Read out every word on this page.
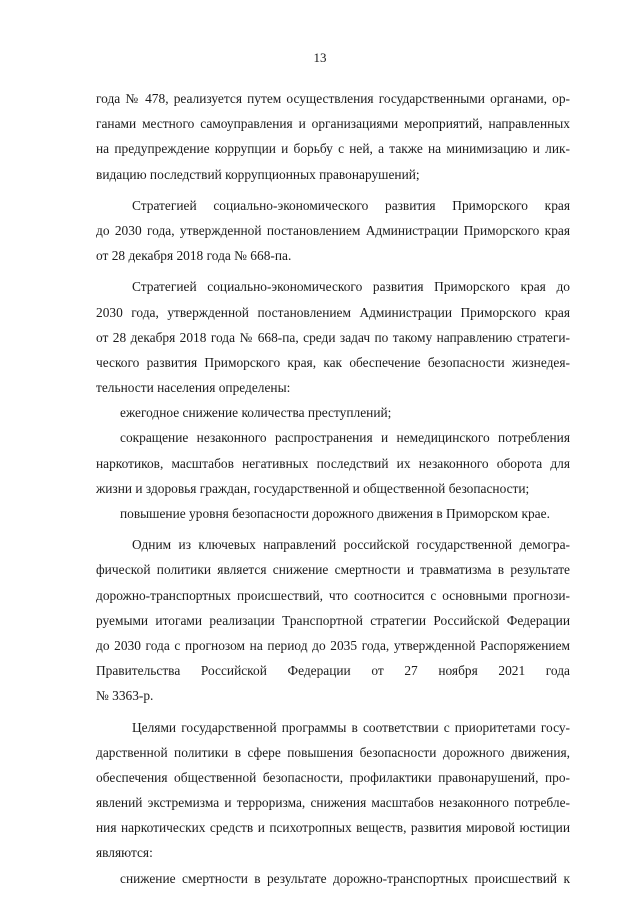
13
года № 478, реализуется путем осуществления государственными органами, ор-
ганами местного самоуправления и организациями мероприятий, направленных
на предупреждение коррупции и борьбу с ней, а также на минимизацию и лик-
видацию последствий коррупционных правонарушений;
Стратегией социально-экономического развития Приморского края
до 2030 года, утвержденной постановлением Администрации Приморского края
от 28 декабря 2018 года № 668-па.
Стратегией социально-экономического развития Приморского края до
2030 года, утвержденной постановлением Администрации Приморского края
от 28 декабря 2018 года № 668-па, среди задач по такому направлению стратеги-
ческого развития Приморского края, как обеспечение безопасности жизнедея-
тельности населения определены:
ежегодное снижение количества преступлений;
сокращение незаконного распространения и немедицинского потребления
наркотиков, масштабов негативных последствий их незаконного оборота для
жизни и здоровья граждан, государственной и общественной безопасности;
повышение уровня безопасности дорожного движения в Приморском крае.
Одним из ключевых направлений российской государственной демогра-
фической политики является снижение смертности и травматизма в результате
дорожно-транспортных происшествий, что соотносится с основными прогнози-
руемыми итогами реализации Транспортной стратегии Российской Федерации
до 2030 года с прогнозом на период до 2035 года, утвержденной Распоряжением
Правительства Российской Федерации от 27 ноября 2021 года
№ 3363-р.
Целями государственной программы в соответствии с приоритетами госу-
дарственной политики в сфере повышения безопасности дорожного движения,
обеспечения общественной безопасности, профилактики правонарушений, про-
явлений экстремизма и терроризма, снижения масштабов незаконного потребле-
ния наркотических средств и психотропных веществ, развития мировой юстиции
являются:
снижение смертности в результате дорожно-транспортных происшествий к
